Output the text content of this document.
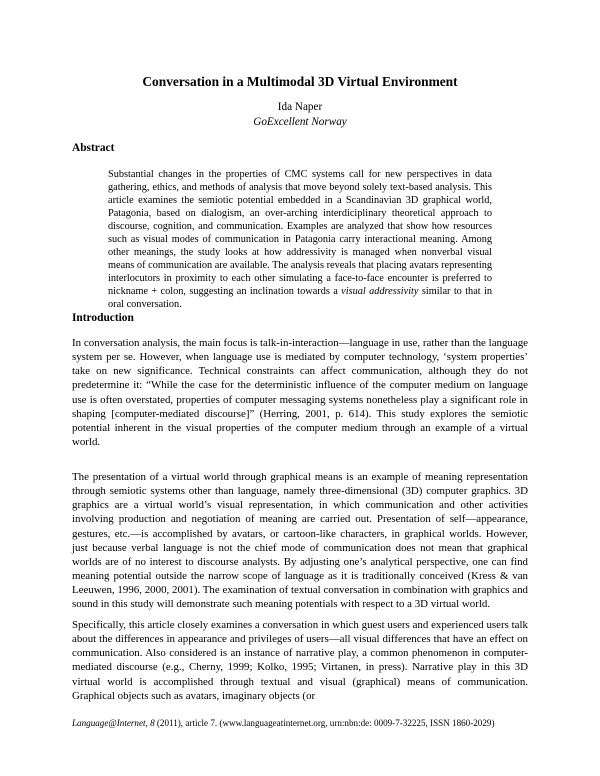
Conversation in a Multimodal 3D Virtual Environment
Ida Naper
GoExcellent Norway
Abstract

Substantial changes in the properties of CMC systems call for new perspectives in data gathering, ethics, and methods of analysis that move beyond solely text-based analysis. This article examines the semiotic potential embedded in a Scandinavian 3D graphical world, Patagonia, based on dialogism, an over-arching interdiciplinary theoretical approach to discourse, cognition, and communication. Examples are analyzed that show how resources such as visual modes of communication in Patagonia carry interactional meaning. Among other meanings, the study looks at how addressivity is managed when nonverbal visual means of communication are available. The analysis reveals that placing avatars representing interlocutors in proximity to each other simulating a face-to-face encounter is preferred to nickname + colon, suggesting an inclination towards a visual addressivity similar to that in oral conversation.

Introduction

In conversation analysis, the main focus is talk-in-interaction—language in use, rather than the language system per se. However, when language use is mediated by computer technology, ‘system properties’ take on new significance. Technical constraints can affect communication, although they do not predetermine it: “While the case for the deterministic influence of the computer medium on language use is often overstated, properties of computer messaging systems nonetheless play a significant role in shaping [computer-mediated discourse]” (Herring, 2001, p. 614). This study explores the semiotic potential inherent in the visual properties of the computer medium through an example of a virtual world.

The presentation of a virtual world through graphical means is an example of meaning representation through semiotic systems other than language, namely three-dimensional (3D) computer graphics. 3D graphics are a virtual world’s visual representation, in which communication and other activities involving production and negotiation of meaning are carried out. Presentation of self—appearance, gestures, etc.—is accomplished by avatars, or cartoon-like characters, in graphical worlds. However, just because verbal language is not the chief mode of communication does not mean that graphical worlds are of no interest to discourse analysts. By adjusting one’s analytical perspective, one can find meaning potential outside the narrow scope of language as it is traditionally conceived (Kress & van Leeuwen, 1996, 2000, 2001). The examination of textual conversation in combination with graphics and sound in this study will demonstrate such meaning potentials with respect to a 3D virtual world.

Specifically, this article closely examines a conversation in which guest users and experienced users talk about the differences in appearance and privileges of users—all visual differences that have an effect on communication. Also considered is an instance of narrative play, a common phenomenon in computer-mediated discourse (e.g., Cherny, 1999; Kolko, 1995; Virtanen, in press). Narrative play in this 3D virtual world is accomplished through textual and visual (graphical) means of communication. Graphical objects such as avatars, imaginary objects (or

Language@Internet, 8 (2011), article 7. (www.languageatinternet.org, urn:nbn:de: 0009-7-32225, ISSN 1860-2029)
